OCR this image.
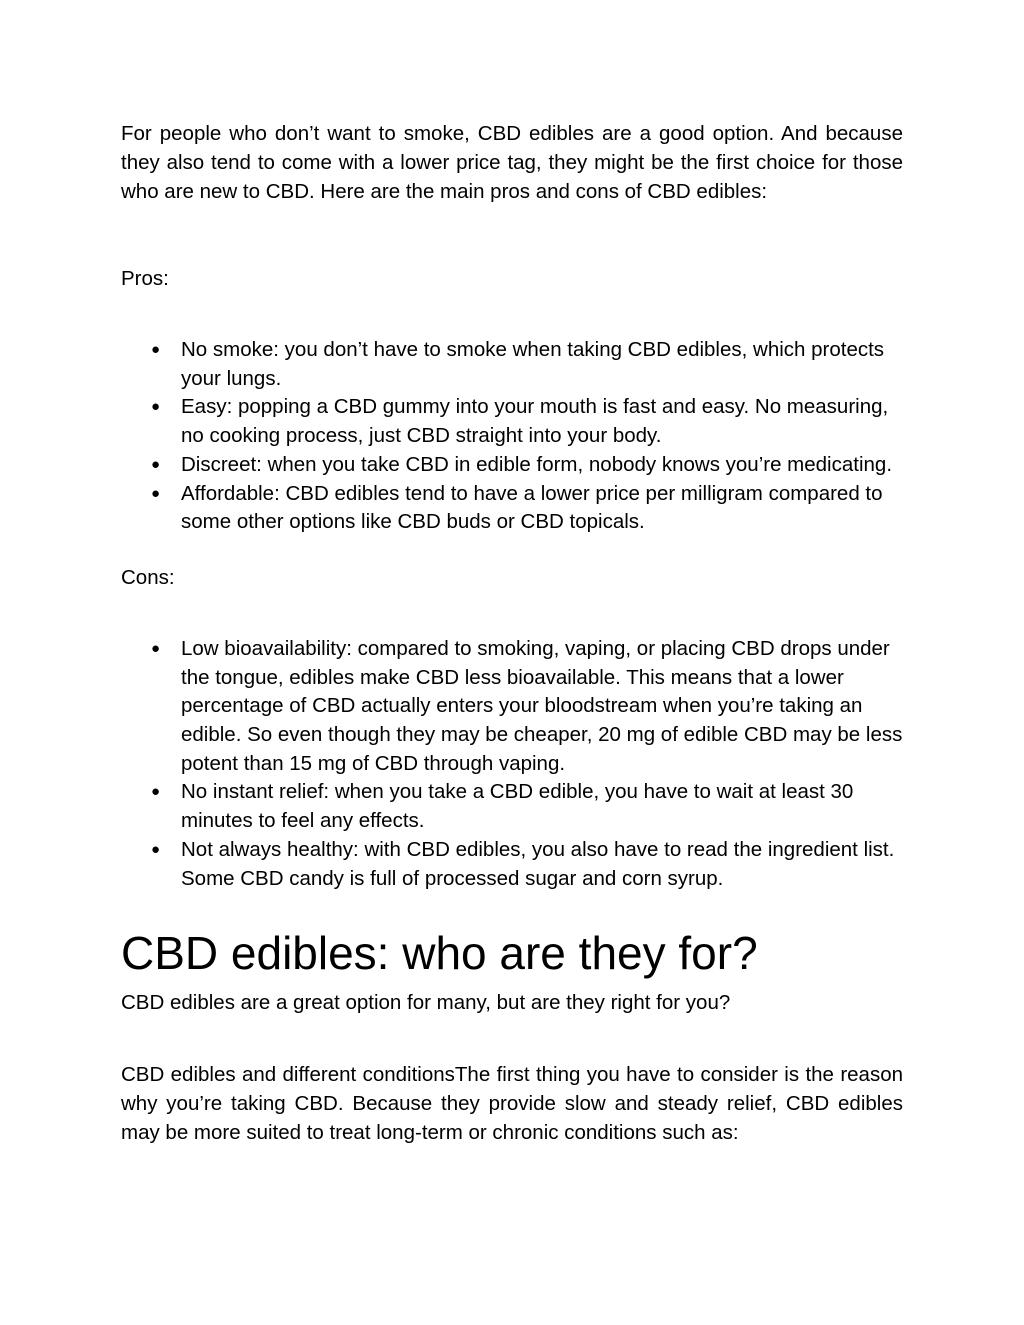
For people who don’t want to smoke, CBD edibles are a good option. And because they also tend to come with a lower price tag, they might be the first choice for those who are new to CBD. Here are the main pros and cons of CBD edibles:

Pros:

● No smoke: you don’t have to smoke when taking CBD edibles, which protects your lungs.
● Easy: popping a CBD gummy into your mouth is fast and easy. No measuring, no cooking process, just CBD straight into your body.
● Discreet: when you take CBD in edible form, nobody knows you’re medicating.
● Affordable: CBD edibles tend to have a lower price per milligram compared to some other options like CBD buds or CBD topicals.

Cons:

● Low bioavailability: compared to smoking, vaping, or placing CBD drops under the tongue, edibles make CBD less bioavailable. This means that a lower percentage of CBD actually enters your bloodstream when you’re taking an edible. So even though they may be cheaper, 20 mg of edible CBD may be less potent than 15 mg of CBD through vaping.
● No instant relief: when you take a CBD edible, you have to wait at least 30 minutes to feel any effects.
● Not always healthy: with CBD edibles, you also have to read the ingredient list. Some CBD candy is full of processed sugar and corn syrup.
CBD edibles: who are they for?

CBD edibles are a great option for many, but are they right for you?

CBD edibles and different conditionsThe first thing you have to consider is the reason why you’re taking CBD. Because they provide slow and steady relief, CBD edibles may be more suited to treat long-term or chronic conditions such as:
